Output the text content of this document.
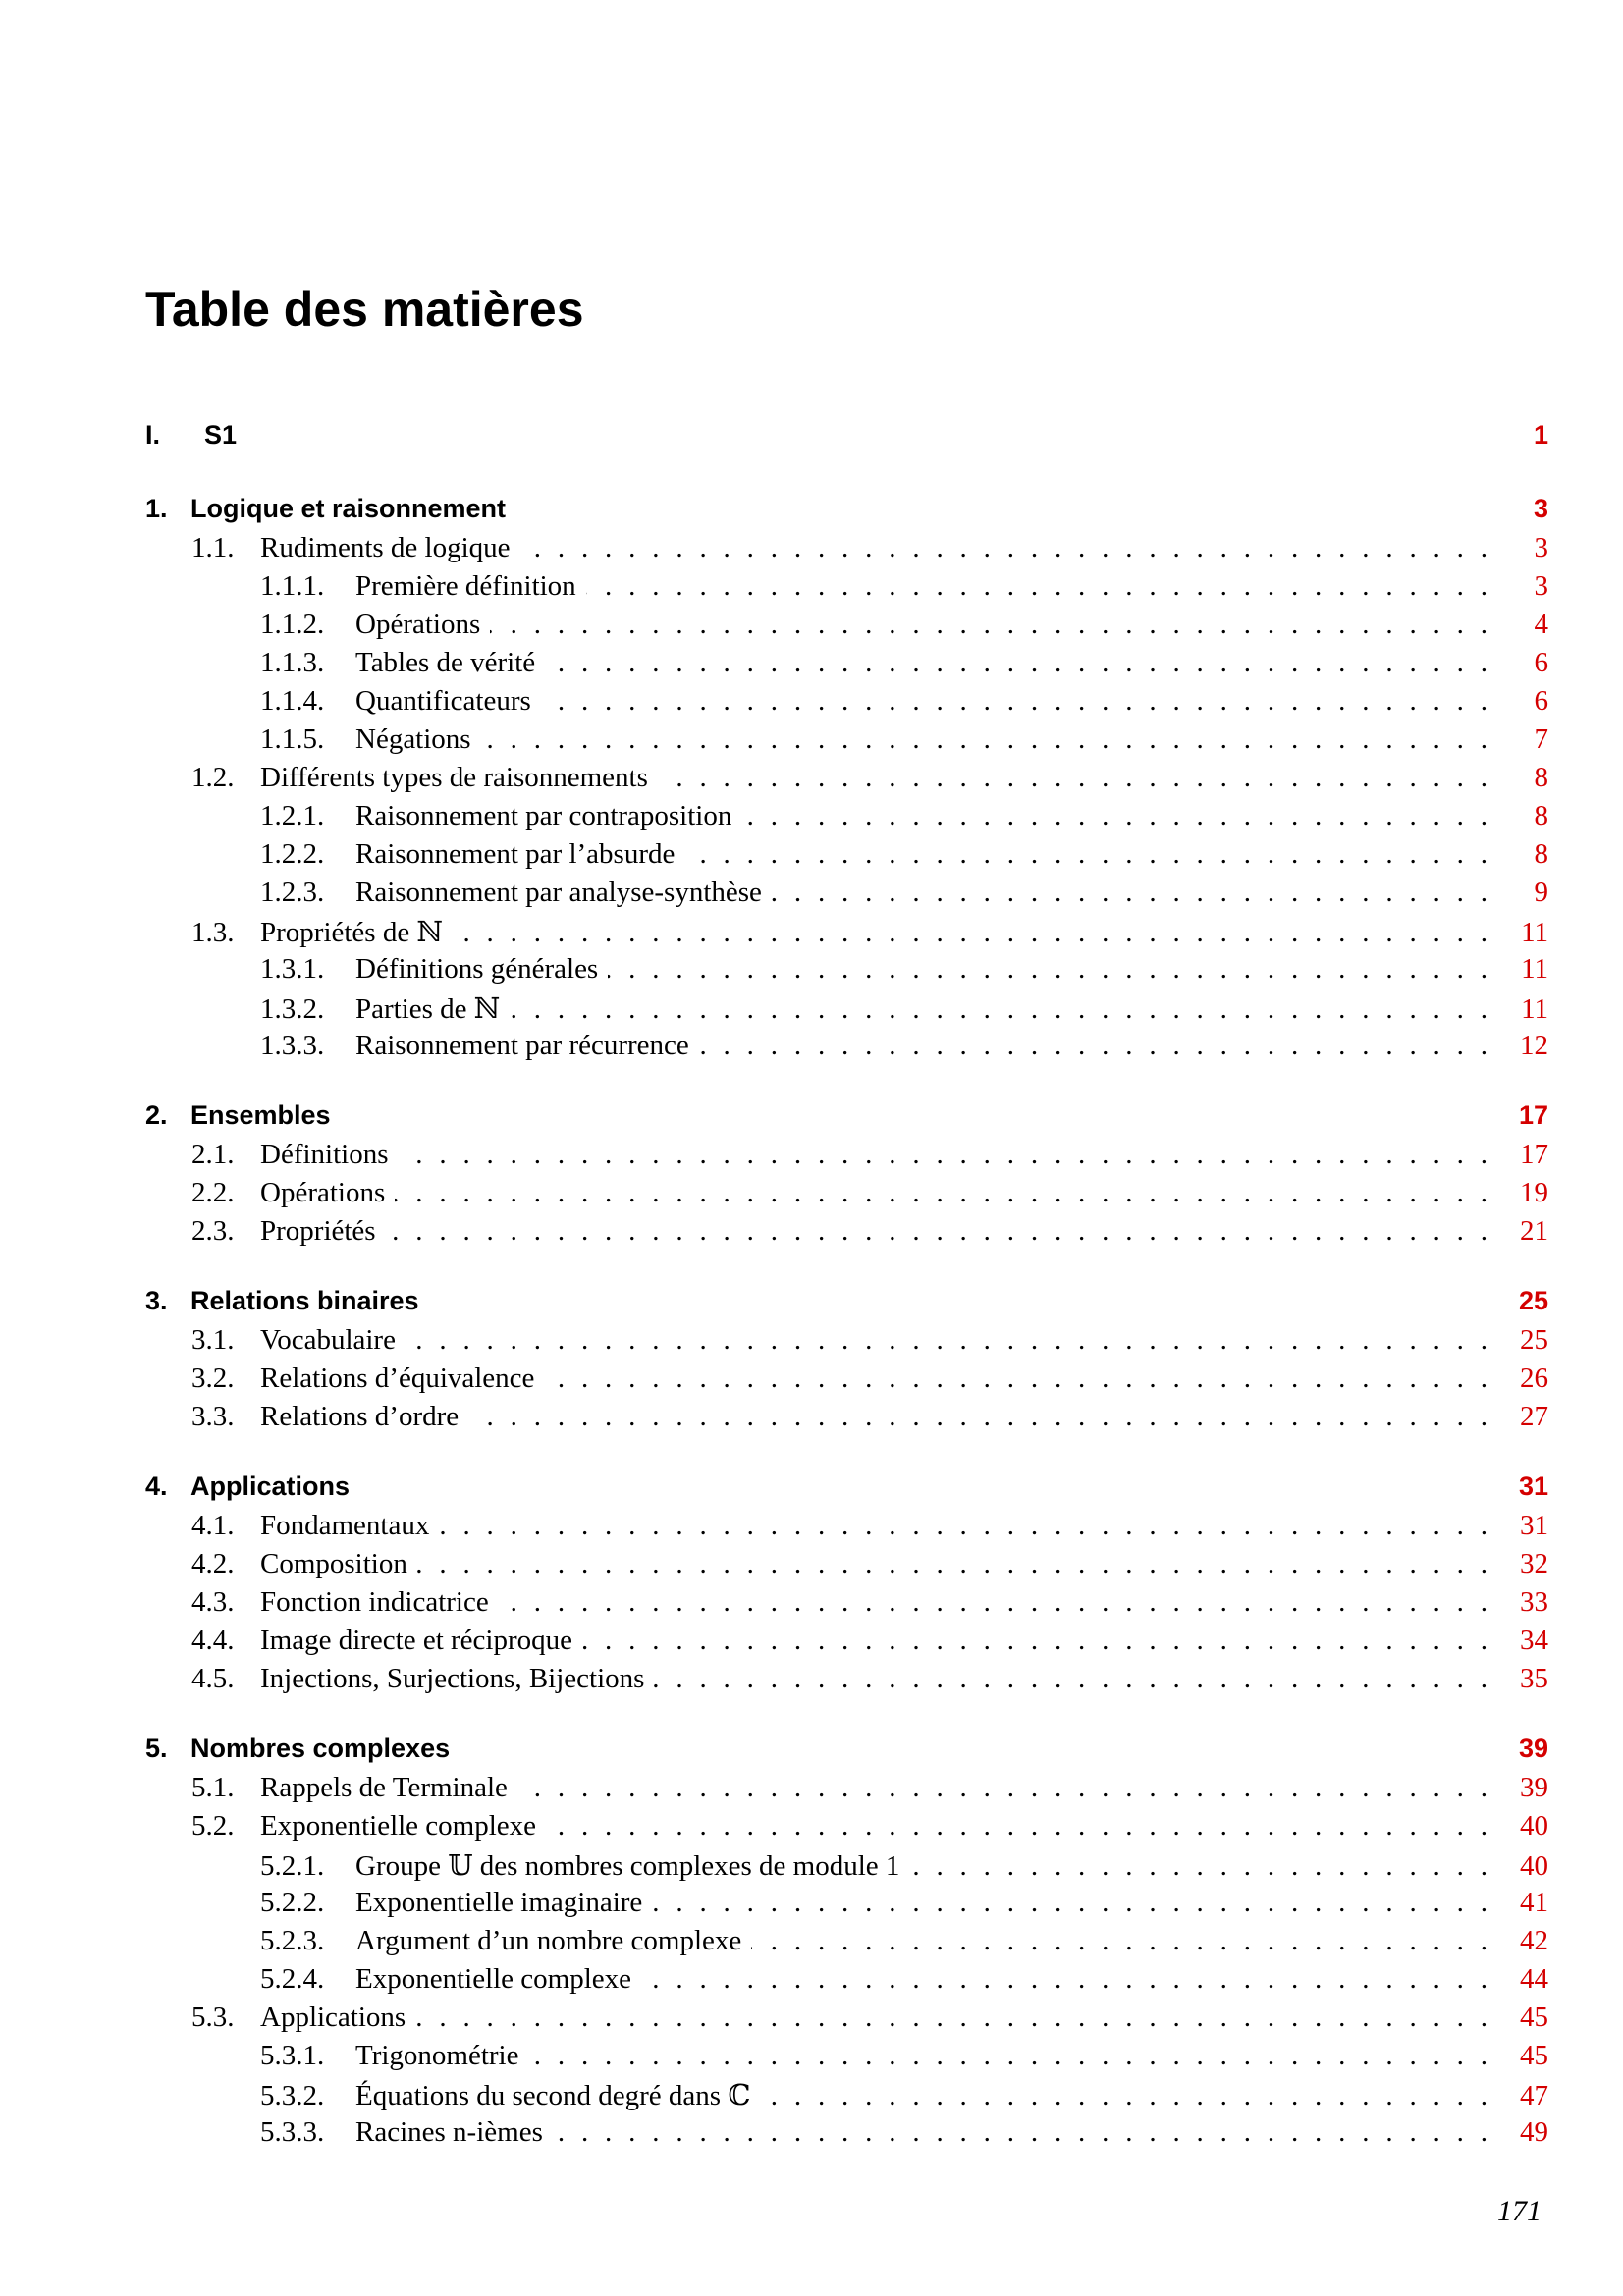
Table des matières
I.	S1	1
1. Logique et raisonnement	3
1.1. Rudiments de logique . . .	3
1.1.1.	Première définition . . .	3
1.1.2.	Opérations . . .	4
1.1.3.	Tables de vérité . . .	6
1.1.4.	Quantificateurs . . .	6
1.1.5.	Négations . . .	7
1.2. Différents types de raisonnements . . .	8
1.2.1.	Raisonnement par contraposition . . .	8
1.2.2.	Raisonnement par l’absurde . . .	8
1.2.3.	Raisonnement par analyse-synthèse . . .	9
1.3. Propriétés de ℕ . . .	11
1.3.1.	Définitions générales . . .	11
1.3.2.	Parties de ℕ . . .	11
1.3.3.	Raisonnement par récurrence . . .	12
2. Ensembles	17
2.1. Définitions . . .	17
2.2. Opérations . . .	19
2.3. Propriétés . . .	21
3. Relations binaires	25
3.1. Vocabulaire . . .	25
3.2. Relations d’équivalence . . .	26
3.3. Relations d’ordre . . .	27
4. Applications	31
4.1. Fondamentaux . . .	31
4.2. Composition . . .	32
4.3. Fonction indicatrice . . .	33
4.4. Image directe et réciproque . . .	34
4.5. Injections, Surjections, Bijections . . .	35
5. Nombres complexes	39
5.1. Rappels de Terminale . . .	39
5.2. Exponentielle complexe . . .	40
5.2.1.	Groupe 𝕌 des nombres complexes de module 1 . . .	40
5.2.2.	Exponentielle imaginaire . . .	41
5.2.3.	Argument d’un nombre complexe . . .	42
5.2.4.	Exponentielle complexe . . .	44
5.3. Applications . . .	45
5.3.1.	Trigonométrie . . .	45
5.3.2.	Équations du second degré dans ℂ . . .	47
5.3.3.	Racines n-ièmes . . .	49
171
